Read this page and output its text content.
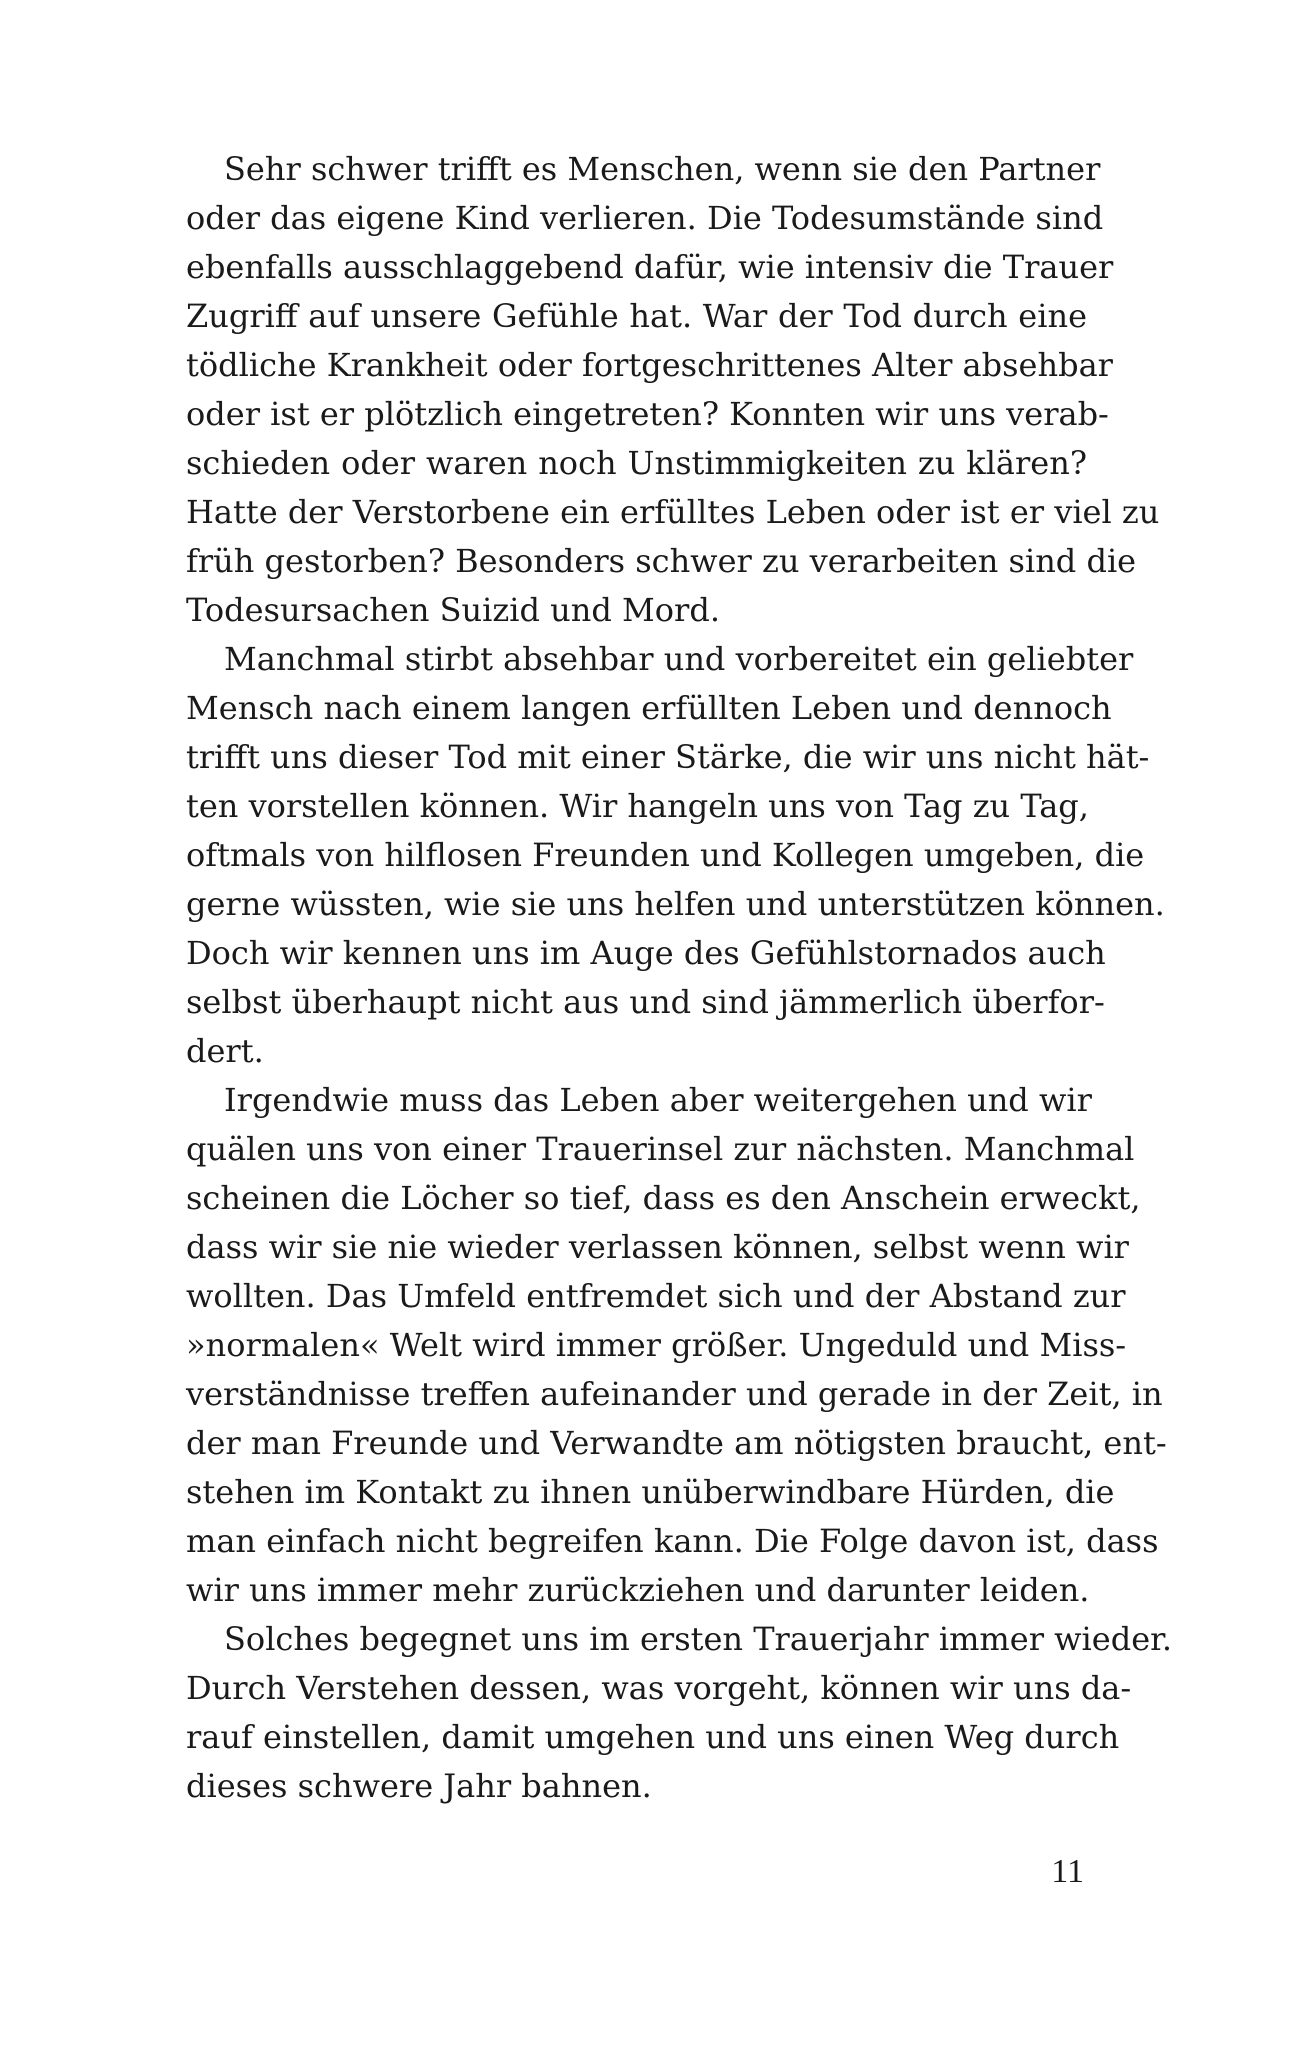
Sehr schwer trifft es Menschen, wenn sie den Partner
oder das eigene Kind verlieren. Die Todesumstände sind
ebenfalls ausschlaggebend dafür, wie intensiv die Trauer
Zugriff auf unsere Gefühle hat. War der Tod durch eine
tödliche Krankheit oder fortgeschrittenes Alter absehbar
oder ist er plötzlich eingetreten? Konnten wir uns verab-
schieden oder waren noch Unstimmigkeiten zu klären?
Hatte der Verstorbene ein erfülltes Leben oder ist er viel zu
früh gestorben? Besonders schwer zu verarbeiten sind die
Todesursachen Suizid und Mord.
Manchmal stirbt absehbar und vorbereitet ein geliebter
Mensch nach einem langen erfüllten Leben und dennoch
trifft uns dieser Tod mit einer Stärke, die wir uns nicht hät-
ten vorstellen können. Wir hangeln uns von Tag zu Tag,
oftmals von hilflosen Freunden und Kollegen umgeben, die
gerne wüssten, wie sie uns helfen und unterstützen können.
Doch wir kennen uns im Auge des Gefühlstornados auch
selbst überhaupt nicht aus und sind jämmerlich überfor-
dert.
Irgendwie muss das Leben aber weitergehen und wir
quälen uns von einer Trauerinsel zur nächsten. Manchmal
scheinen die Löcher so tief, dass es den Anschein erweckt,
dass wir sie nie wieder verlassen können, selbst wenn wir
wollten. Das Umfeld entfremdet sich und der Abstand zur
»normalen« Welt wird immer größer. Ungeduld und Miss-
verständnisse treffen aufeinander und gerade in der Zeit, in
der man Freunde und Verwandte am nötigsten braucht, ent-
stehen im Kontakt zu ihnen unüberwindbare Hürden, die
man einfach nicht begreifen kann. Die Folge davon ist, dass
wir uns immer mehr zurückziehen und darunter leiden.
Solches begegnet uns im ersten Trauerjahr immer wieder.
Durch Verstehen dessen, was vorgeht, können wir uns da-
rauf einstellen, damit umgehen und uns einen Weg durch
dieses schwere Jahr bahnen.
11
